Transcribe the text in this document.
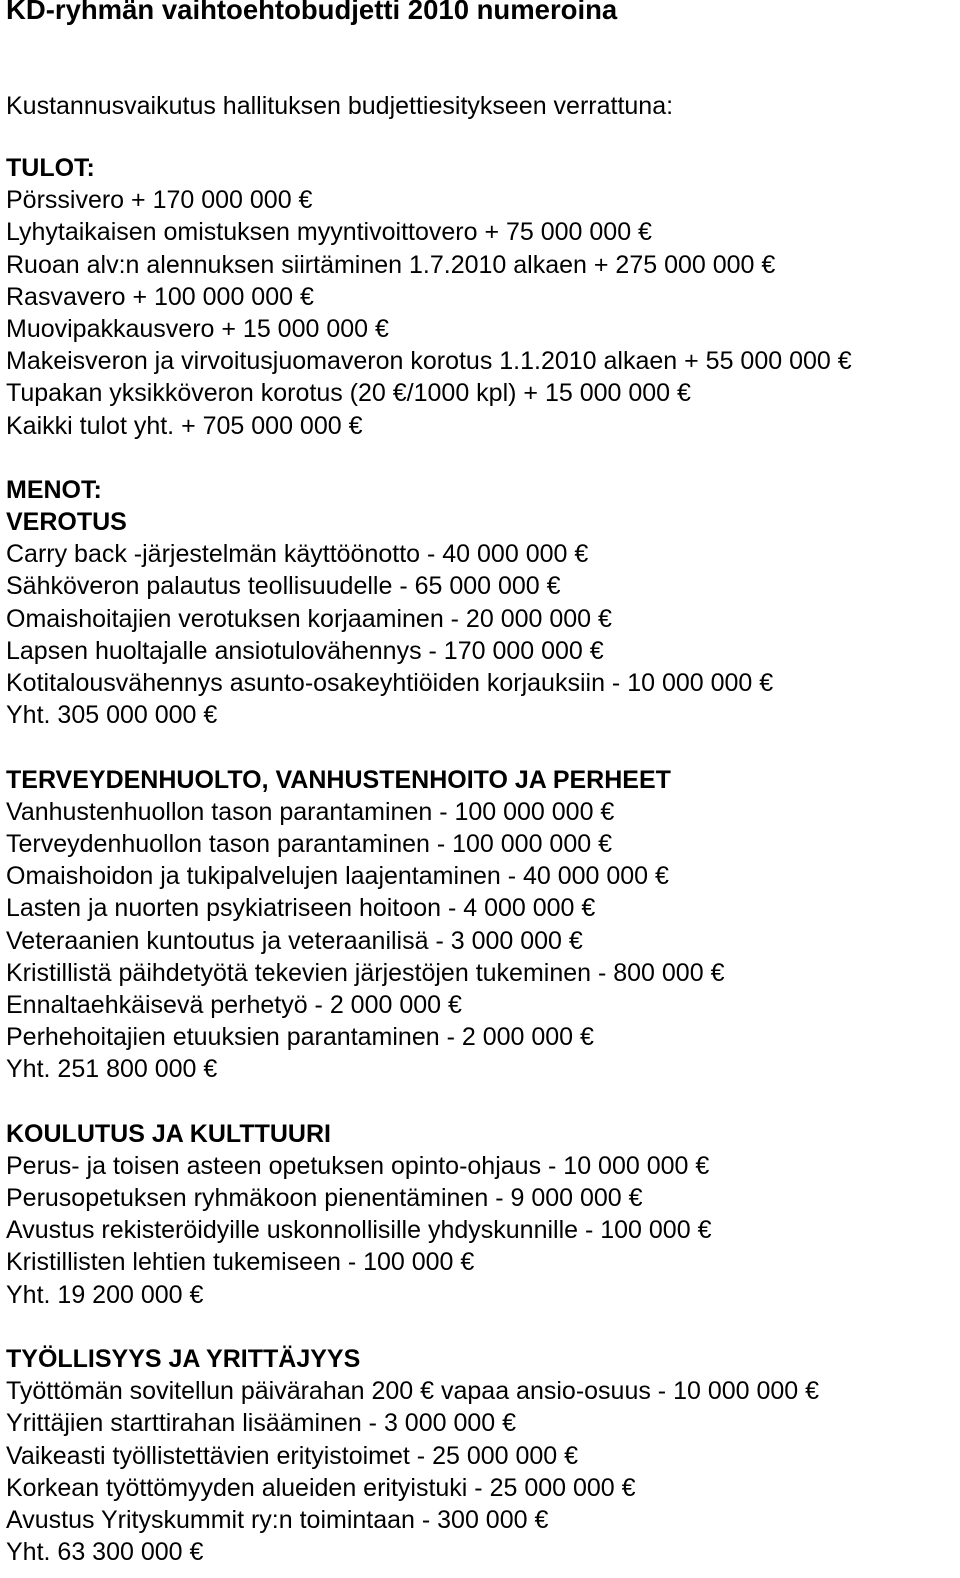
KD-ryhmän vaihtoehtobudjetti 2010 numeroina
Kustannusvaikutus hallituksen budjettiesitykseen verrattuna:
TULOT:
Pörssivero + 170 000 000 €
Lyhytaikaisen omistuksen myyntivoittovero + 75 000 000 €
Ruoan alv:n alennuksen siirtäminen 1.7.2010 alkaen + 275 000 000 €
Rasvavero + 100 000 000 €
Muovipakkausvero + 15 000 000 €
Makeisveron ja virvoitusjuomaveron korotus 1.1.2010 alkaen + 55 000 000 €
Tupakan yksikköveron korotus (20 €/1000 kpl) + 15 000 000 €
Kaikki tulot yht. + 705 000 000 €
MENOT:
VEROTUS
Carry back -järjestelmän käyttöönotto - 40 000 000 €
Sähköveron palautus teollisuudelle - 65 000 000 €
Omaishoitajien verotuksen korjaaminen - 20 000 000 €
Lapsen huoltajalle ansiotulovähennys - 170 000 000 €
Kotitalousvähennys asunto-osakeyhtiöiden korjauksiin - 10 000 000 €
Yht. 305 000 000 €
TERVEYDENHUOLTO, VANHUSTENHOITO JA PERHEET
Vanhustenhuollon tason parantaminen - 100 000 000 €
Terveydenhuollon tason parantaminen - 100 000 000 €
Omaishoidon ja tukipalvelujen laajentaminen - 40 000 000 €
Lasten ja nuorten psykiatriseen hoitoon - 4 000 000 €
Veteraanien kuntoutus ja veteraanilisä - 3 000 000 €
Kristillistä päihdetyötä tekevien järjestöjen tukeminen - 800 000 €
Ennaltaehkäisevä perhetyö - 2 000 000 €
Perhehoitajien etuuksien parantaminen - 2 000 000 €
Yht. 251 800 000 €
KOULUTUS JA KULTTUURI
Perus- ja toisen asteen opetuksen opinto-ohjaus - 10 000 000 €
Perusopetuksen ryhmäkoon pienentäminen - 9 000 000 €
Avustus rekisteröidyille uskonnollisille yhdyskunnille - 100 000 €
Kristillisten lehtien tukemiseen - 100 000 €
Yht. 19 200 000 €
TYÖLLISYYS JA YRITTÄJYYS
Työttömän sovitellun päivärahan 200 € vapaa ansio-osuus - 10 000 000 €
Yrittäjien starttirahan lisääminen - 3 000 000 €
Vaikeasti työllistettävien erityistoimet - 25 000 000 €
Korkean työttömyyden alueiden erityistuki - 25 000 000 €
Avustus Yrityskummit ry:n toimintaan - 300 000 €
Yht. 63 300 000 €
